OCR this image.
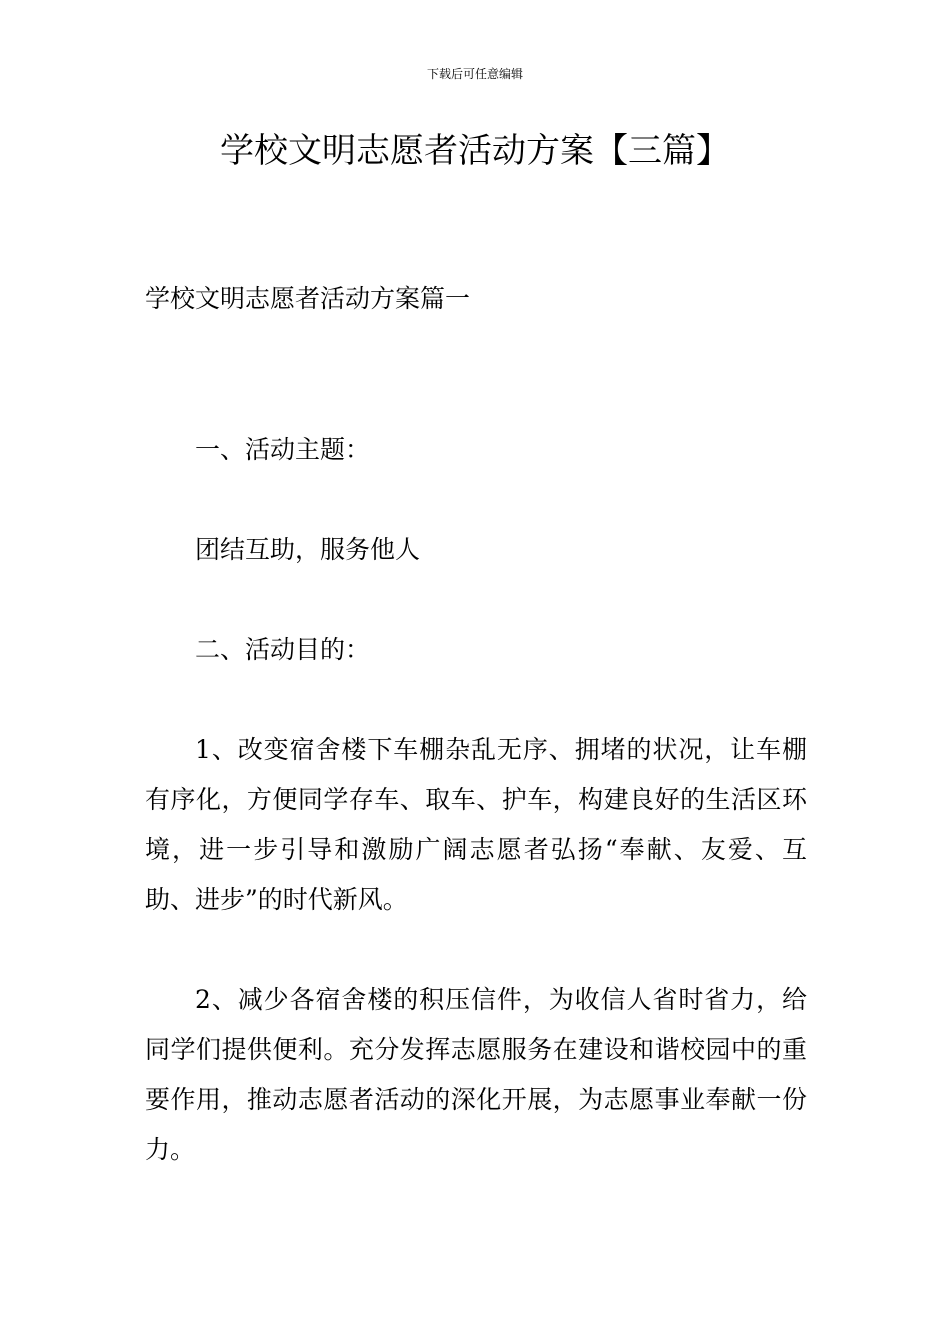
下载后可任意编辑
学校文明志愿者活动方案【三篇】
学校文明志愿者活动方案篇一

一、活动主题：

团结互助，服务他人

二、活动目的：

1、改变宿舍楼下车棚杂乱无序、拥堵的状况，让车棚有序化，方便同学存车、取车、护车，构建良好的生活区环境，进一步引导和激励广阔志愿者弘扬“奉献、友爱、互助、进步”的时代新风。

2、减少各宿舍楼的积压信件，为收信人省时省力，给同学们提供便利。充分发挥志愿服务在建设和谐校园中的重要作用，推动志愿者活动的深化开展，为志愿事业奉献一份力。
